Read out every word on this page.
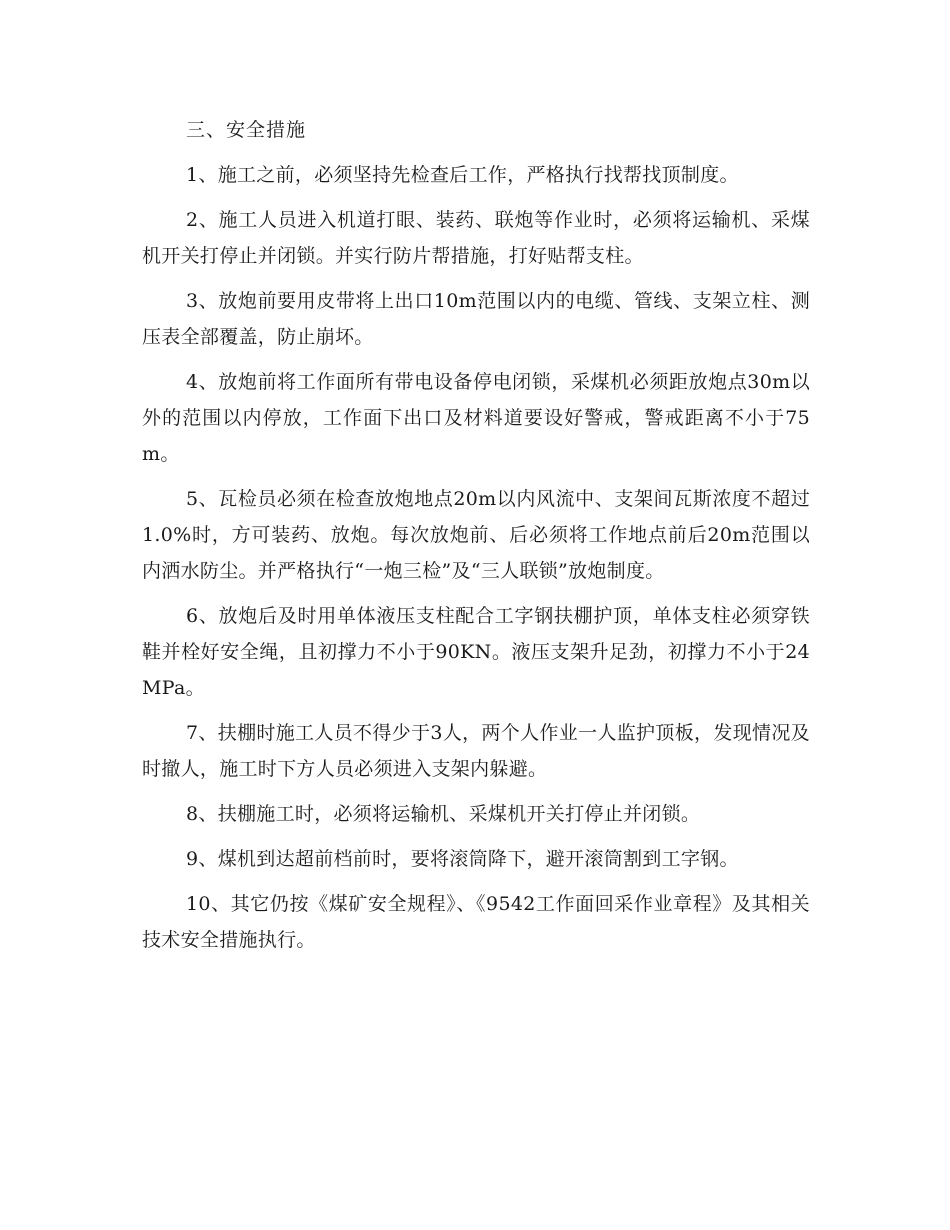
三、安全措施

1、施工之前，必须坚持先检查后工作，严格执行找帮找顶制度。

2、施工人员进入机道打眼、装药、联炮等作业时，必须将运输机、采煤机开关打停止并闭锁。并实行防片帮措施，打好贴帮支柱。

3、放炮前要用皮带将上出口10m范围以内的电缆、管线、支架立柱、测压表全部覆盖，防止崩坏。

4、放炮前将工作面所有带电设备停电闭锁，采煤机必须距放炮点30m以外的范围以内停放，工作面下出口及材料道要设好警戒，警戒距离不小于75m。

5、瓦检员必须在检查放炮地点20m以内风流中、支架间瓦斯浓度不超过1.0%时，方可装药、放炮。每次放炮前、后必须将工作地点前后20m范围以内洒水防尘。并严格执行“一炮三检”及“三人联锁”放炮制度。

6、放炮后及时用单体液压支柱配合工字钢扶棚护顶，单体支柱必须穿铁鞋并栓好安全绳，且初撑力不小于90KN。液压支架升足劲，初撑力不小于24MPa。

7、扶棚时施工人员不得少于3人，两个人作业一人监护顶板，发现情况及时撤人，施工时下方人员必须进入支架内躲避。

8、扶棚施工时，必须将运输机、采煤机开关打停止并闭锁。

9、煤机到达超前档前时，要将滚筒降下，避开滚筒割到工字钢。

10、其它仍按《煤矿安全规程》、《9542工作面回采作业章程》及其相关技术安全措施执行。
